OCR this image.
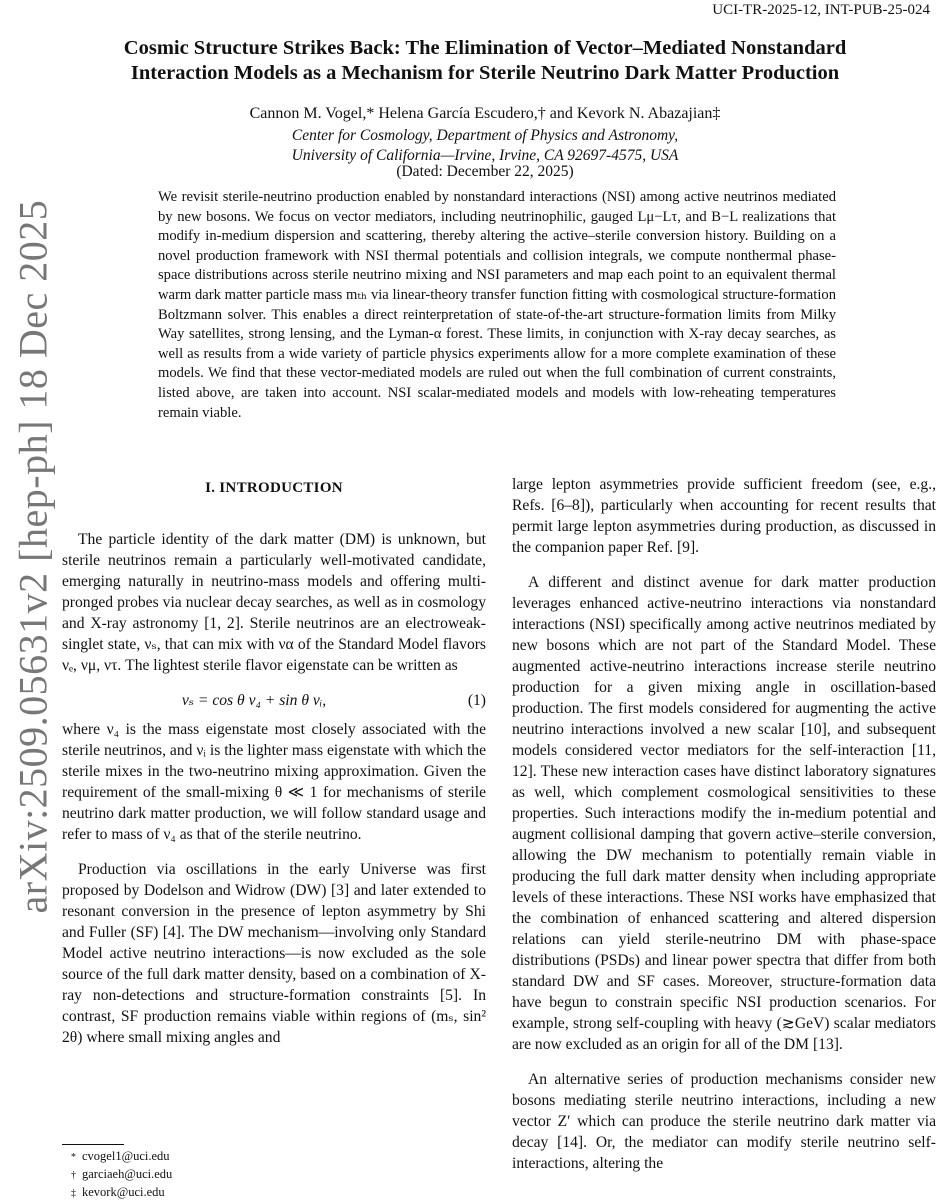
UCI-TR-2025-12, INT-PUB-25-024
arXiv:2509.05631v2 [hep-ph] 18 Dec 2025
Cosmic Structure Strikes Back: The Elimination of Vector–Mediated Nonstandard
Interaction Models as a Mechanism for Sterile Neutrino Dark Matter Production
Cannon M. Vogel,* Helena García Escudero,† and Kevork N. Abazajian‡
Center for Cosmology, Department of Physics and Astronomy,
University of California—Irvine, Irvine, CA 92697-4575, USA
(Dated: December 22, 2025)
We revisit sterile-neutrino production enabled by nonstandard interactions (NSI) among active neutrinos mediated by new bosons. We focus on vector mediators, including neutrinophilic, gauged Lμ−Lτ, and B−L realizations that modify in-medium dispersion and scattering, thereby altering the active–sterile conversion history. Building on a novel production framework with NSI thermal potentials and collision integrals, we compute nonthermal phase-space distributions across sterile neutrino mixing and NSI parameters and map each point to an equivalent thermal warm dark matter particle mass mₜₕ via linear-theory transfer function fitting with cosmological structure-formation Boltzmann solver. This enables a direct reinterpretation of state-of-the-art structure-formation limits from Milky Way satellites, strong lensing, and the Lyman-α forest. These limits, in conjunction with X-ray decay searches, as well as results from a wide variety of particle physics experiments allow for a more complete examination of these models. We find that these vector-mediated models are ruled out when the full combination of current constraints, listed above, are taken into account. NSI scalar-mediated models and models with low-reheating temperatures remain viable.
I. INTRODUCTION

The particle identity of the dark matter (DM) is unknown, but sterile neutrinos remain a particularly well-motivated candidate, emerging naturally in neutrino-mass models and offering multi-pronged probes via nuclear decay searches, as well as in cosmology and X-ray astronomy [1, 2]. Sterile neutrinos are an electroweak-singlet state, νₛ, that can mix with να of the Standard Model flavors νₑ, νμ, ντ. The lightest sterile flavor eigenstate can be written as

νₛ = cos θ ν₄ + sin θ νᵢ,	(1)

where ν₄ is the mass eigenstate most closely associated with the sterile neutrinos, and νᵢ is the lighter mass eigenstate with which the sterile mixes in the two-neutrino mixing approximation. Given the requirement of the small-mixing θ ≪ 1 for mechanisms of sterile neutrino dark matter production, we will follow standard usage and refer to mass of ν₄ as that of the sterile neutrino.

Production via oscillations in the early Universe was first proposed by Dodelson and Widrow (DW) [3] and later extended to resonant conversion in the presence of lepton asymmetry by Shi and Fuller (SF) [4]. The DW mechanism—involving only Standard Model active neutrino interactions—is now excluded as the sole source of the full dark matter density, based on a combination of X-ray non-detections and structure-formation constraints [5]. In contrast, SF production remains viable within regions of (mₛ, sin² 2θ) where small mixing angles and

large lepton asymmetries provide sufficient freedom (see, e.g., Refs. [6–8]), particularly when accounting for recent results that permit large lepton asymmetries during production, as discussed in the companion paper Ref. [9].

A different and distinct avenue for dark matter production leverages enhanced active-neutrino interactions via nonstandard interactions (NSI) specifically among active neutrinos mediated by new bosons which are not part of the Standard Model. These augmented active-neutrino interactions increase sterile neutrino production for a given mixing angle in oscillation-based production. The first models considered for augmenting the active neutrino interactions involved a new scalar [10], and subsequent models considered vector mediators for the self-interaction [11, 12]. These new interaction cases have distinct laboratory signatures as well, which complement cosmological sensitivities to these properties. Such interactions modify the in-medium potential and augment collisional damping that govern active–sterile conversion, allowing the DW mechanism to potentially remain viable in producing the full dark matter density when including appropriate levels of these interactions. These NSI works have emphasized that the combination of enhanced scattering and altered dispersion relations can yield sterile-neutrino DM with phase-space distributions (PSDs) and linear power spectra that differ from both standard DW and SF cases. Moreover, structure-formation data have begun to constrain specific NSI production scenarios. For example, strong self-coupling with heavy (≳GeV) scalar mediators are now excluded as an origin for all of the DM [13].

An alternative series of production mechanisms consider new bosons mediating sterile neutrino interactions, including a new vector Z′ which can produce the sterile neutrino dark matter via decay [14]. Or, the mediator can modify sterile neutrino self-interactions, altering the

* cvogel1@uci.edu
† garciaeh@uci.edu
‡ kevork@uci.edu
